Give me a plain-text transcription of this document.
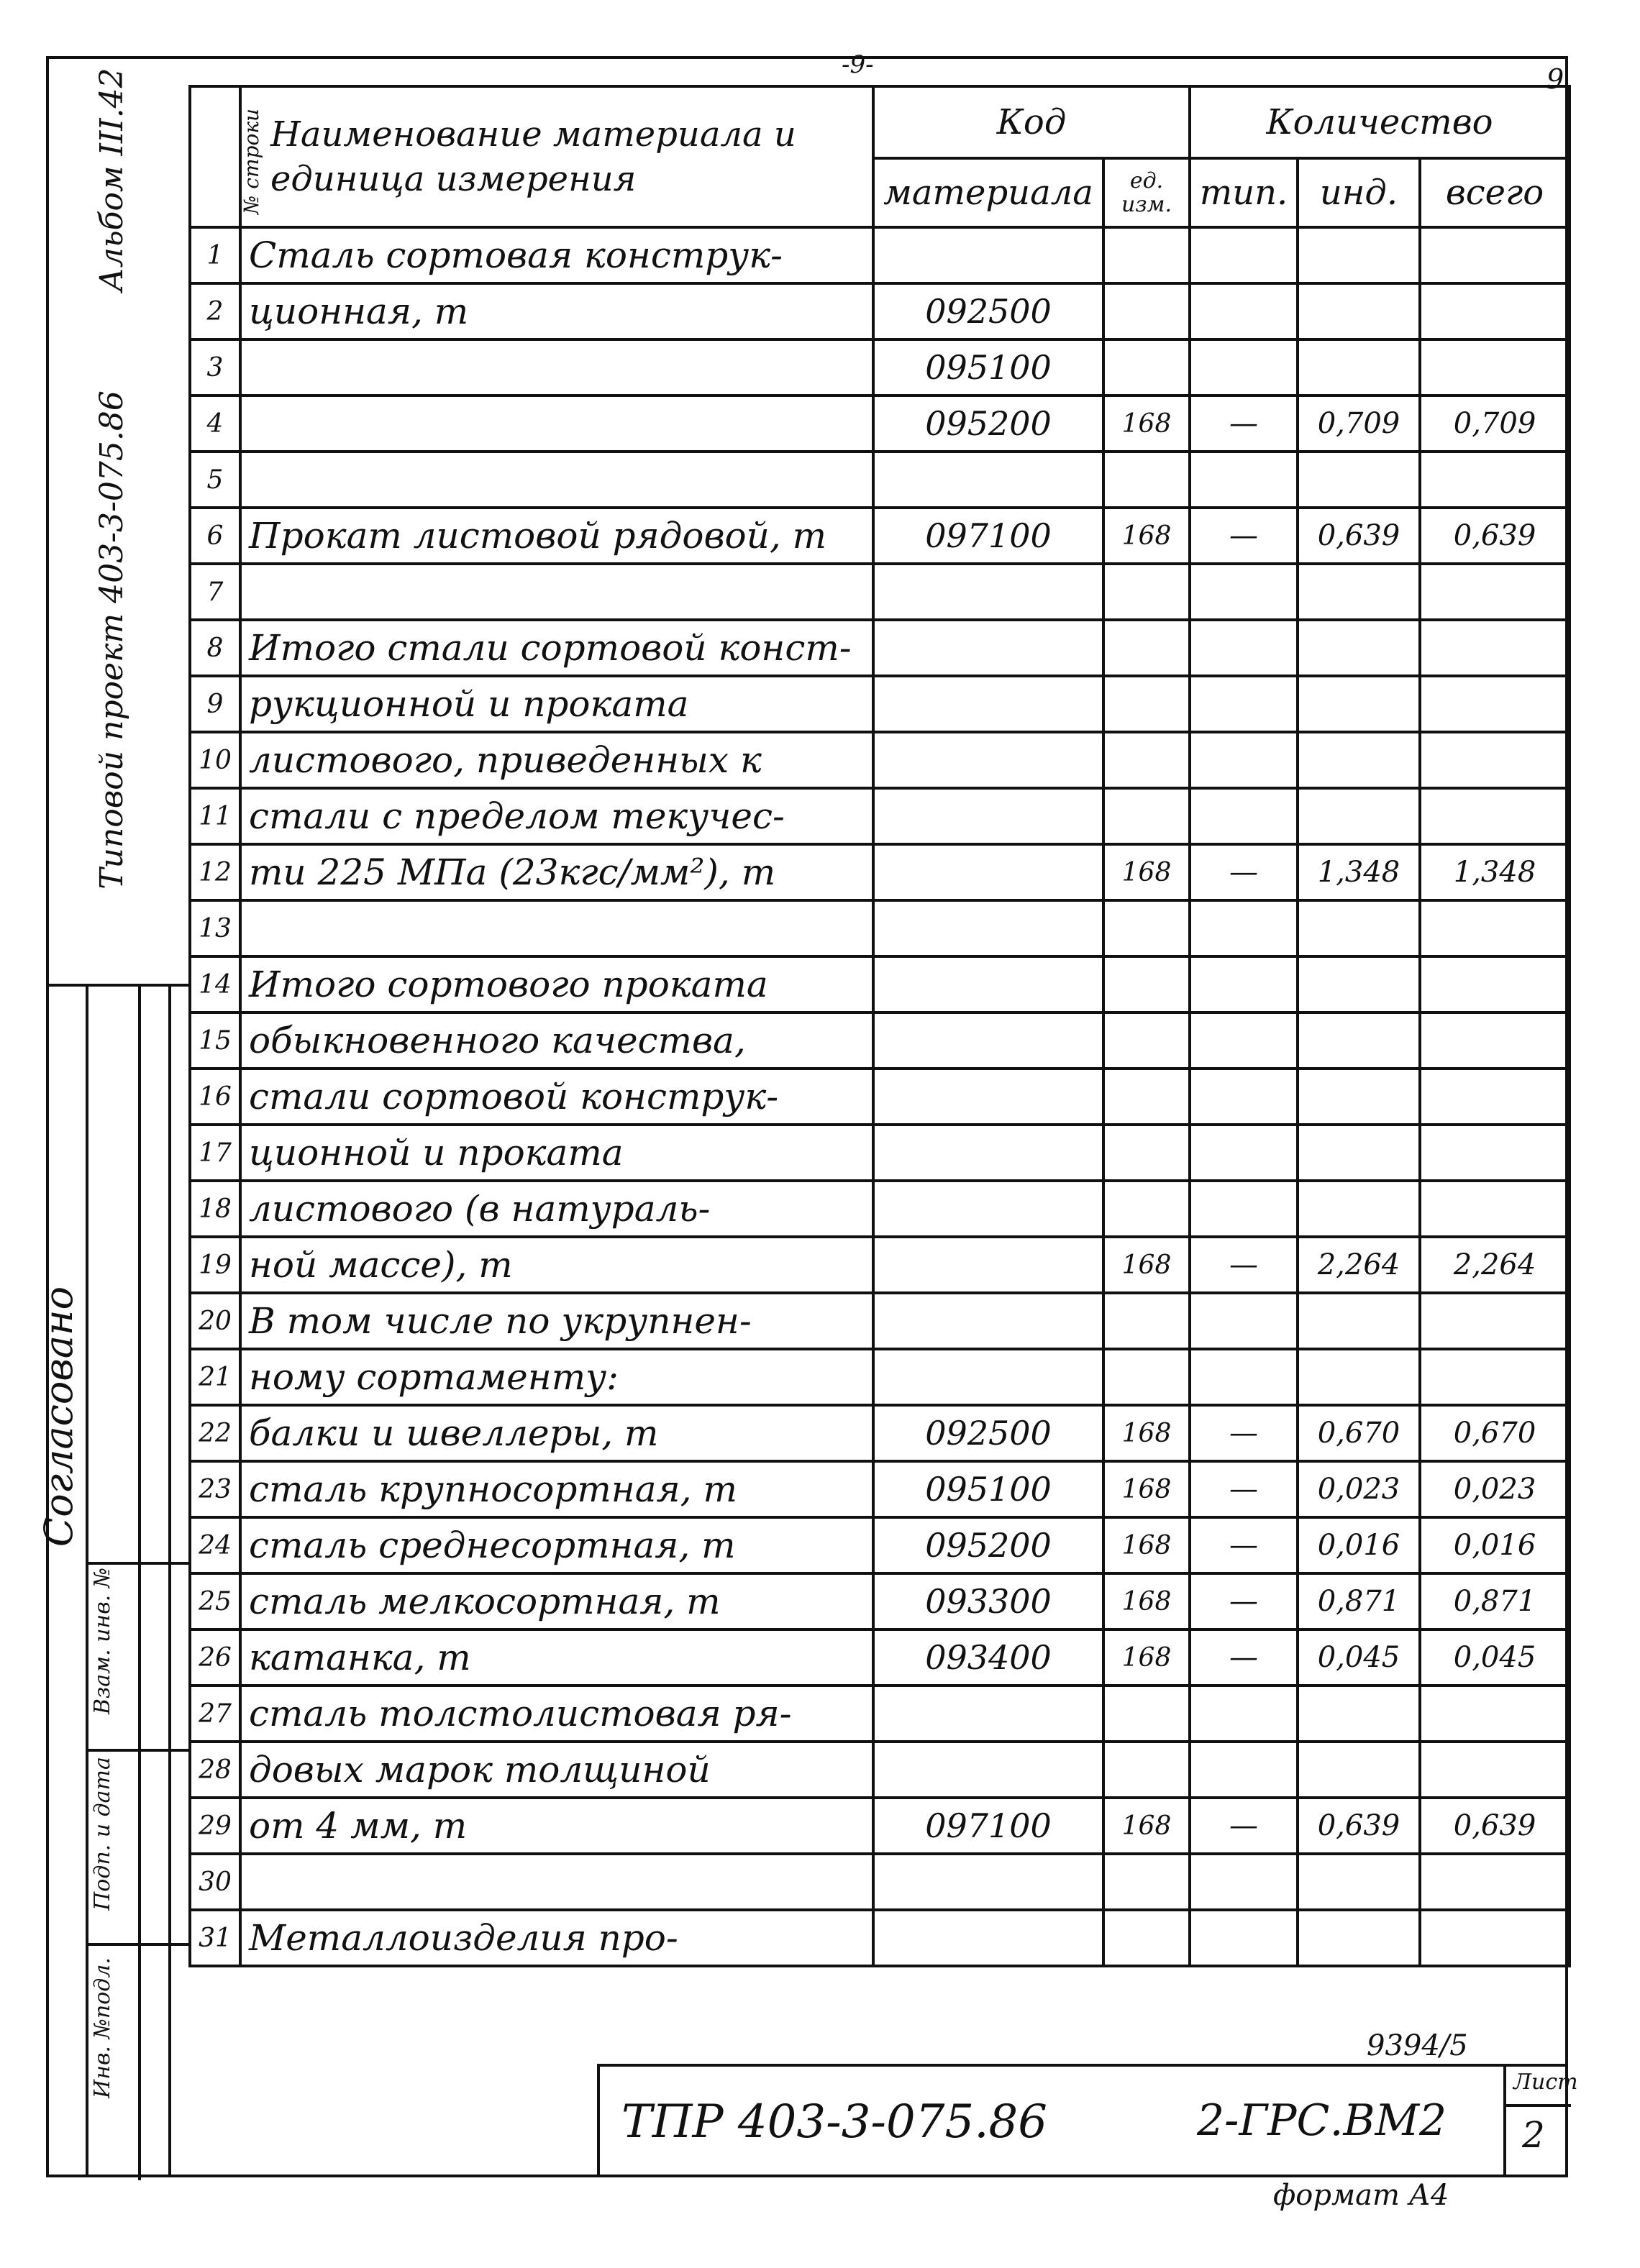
-9-	9
Альбом III.42
Типовой проект 403-3-075.86
Согласовано
Взам. инв. №
Подп. и дата
Инв. №подл.
№ строки	Наименование материала и единица измерения	Код		Количество		
		материала	ед. изм.	тип.	инд.	всего
1	Сталь сортовая конструк-					
2	ционная, т	092500				
3		095100				
4		095200	168	—	0,709	0,709
5						
6	Прокат листовой рядовой, т	097100	168	—	0,639	0,639
7						
8	Итого стали сортовой конст-					
9	рукционной и проката					
10	листового, приведенных к					
11	стали с пределом текучес-					
12	ти 225 МПа (23кгс/мм²), т		168	—	1,348	1,348
13						
14	Итого сортового проката					
15	обыкновенного качества,					
16	стали сортовой конструк-					
17	ционной и проката					
18	листового (в натураль-					
19	ной массе), т		168	—	2,264	2,264
20	В том числе по укрупнен-					
21	ному сортаменту:					
22	балки и швеллеры, т	092500	168	—	0,670	0,670
23	сталь крупносортная, т	095100	168	—	0,023	0,023
24	сталь среднесортная, т	095200	168	—	0,016	0,016
25	сталь мелкосортная, т	093300	168	—	0,871	0,871
26	катанка, т	093400	168	—	0,045	0,045
27	сталь толстолистовая ря-					
28	довых марок толщиной					
29	от 4 мм, т	097100	168	—	0,639	0,639
30						
31	Металлоизделия про-					
9394/5
ТПР 403-3-075.86	2-ГРС.ВМ2
Лист
2
формат А4
